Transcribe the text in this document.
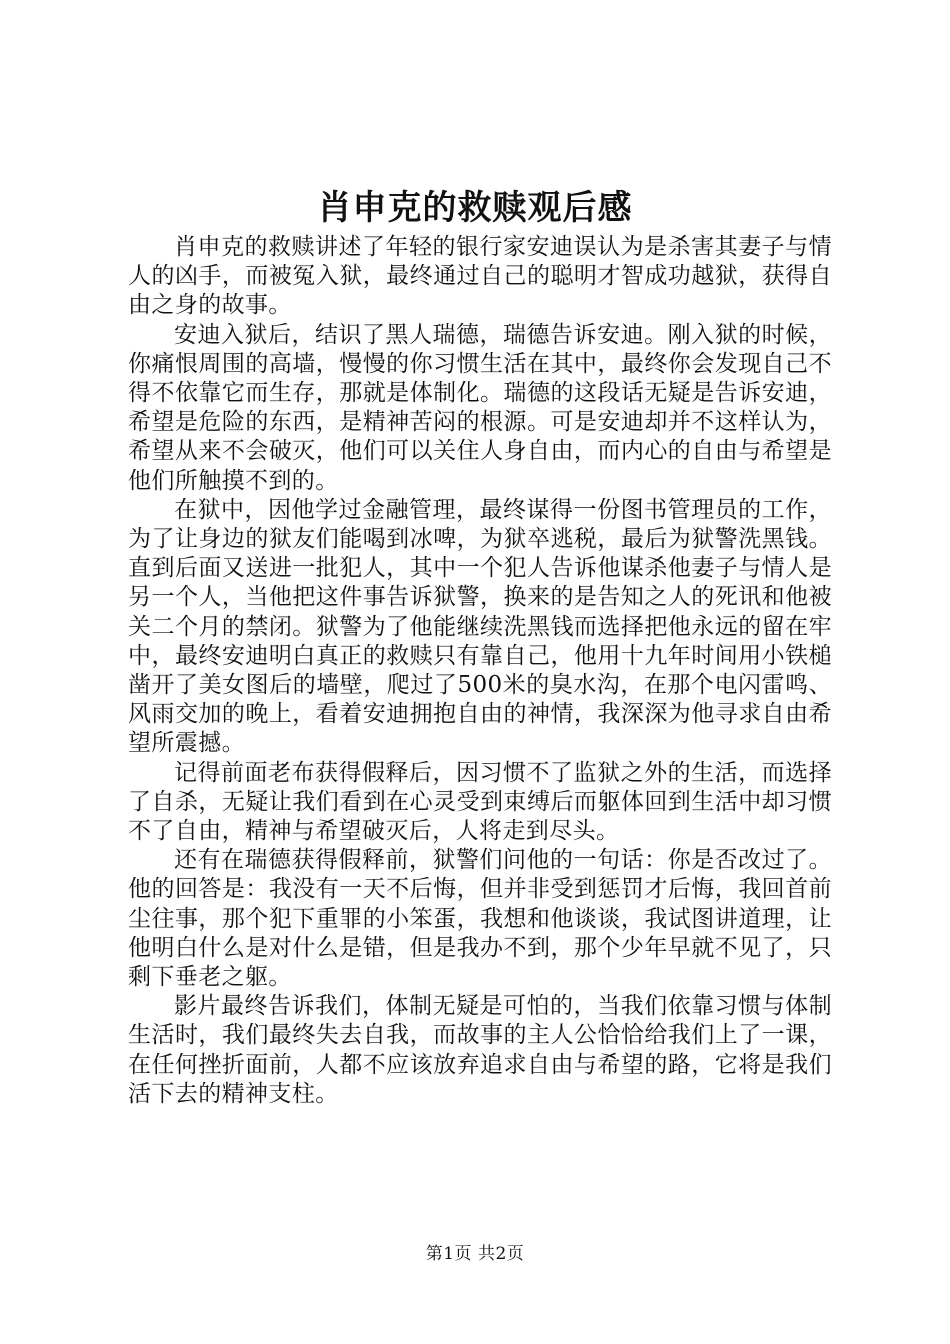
肖申克的救赎观后感

肖申克的救赎讲述了年轻的银行家安迪误认为是杀害其妻子与情人的凶手，而被冤入狱，最终通过自己的聪明才智成功越狱，获得自由之身的故事。

安迪入狱后，结识了黑人瑞德，瑞德告诉安迪。刚入狱的时候，你痛恨周围的高墙，慢慢的你习惯生活在其中，最终你会发现自己不得不依靠它而生存，那就是体制化。瑞德的这段话无疑是告诉安迪，希望是危险的东西，是精神苦闷的根源。可是安迪却并不这样认为，希望从来不会破灭，他们可以关住人身自由，而内心的自由与希望是他们所触摸不到的。

在狱中，因他学过金融管理，最终谋得一份图书管理员的工作，为了让身边的狱友们能喝到冰啤，为狱卒逃税，最后为狱警洗黑钱。直到后面又送进一批犯人，其中一个犯人告诉他谋杀他妻子与情人是另一个人，当他把这件事告诉狱警，换来的是告知之人的死讯和他被关二个月的禁闭。狱警为了他能继续洗黑钱而选择把他永远的留在牢中，最终安迪明白真正的救赎只有靠自己，他用十九年时间用小铁槌凿开了美女图后的墙壁，爬过了500米的臭水沟，在那个电闪雷鸣、风雨交加的晚上，看着安迪拥抱自由的神情，我深深为他寻求自由希望所震撼。

记得前面老布获得假释后，因习惯不了监狱之外的生活，而选择了自杀，无疑让我们看到在心灵受到束缚后而躯体回到生活中却习惯不了自由，精神与希望破灭后，人将走到尽头。

还有在瑞德获得假释前，狱警们问他的一句话：你是否改过了。他的回答是：我没有一天不后悔，但并非受到惩罚才后悔，我回首前尘往事，那个犯下重罪的小笨蛋，我想和他谈谈，我试图讲道理，让他明白什么是对什么是错，但是我办不到，那个少年早就不见了，只剩下垂老之躯。

影片最终告诉我们，体制无疑是可怕的，当我们依靠习惯与体制生活时，我们最终失去自我，而故事的主人公恰恰给我们上了一课，在任何挫折面前，人都不应该放弃追求自由与希望的路，它将是我们活下去的精神支柱。

第1页 共2页
